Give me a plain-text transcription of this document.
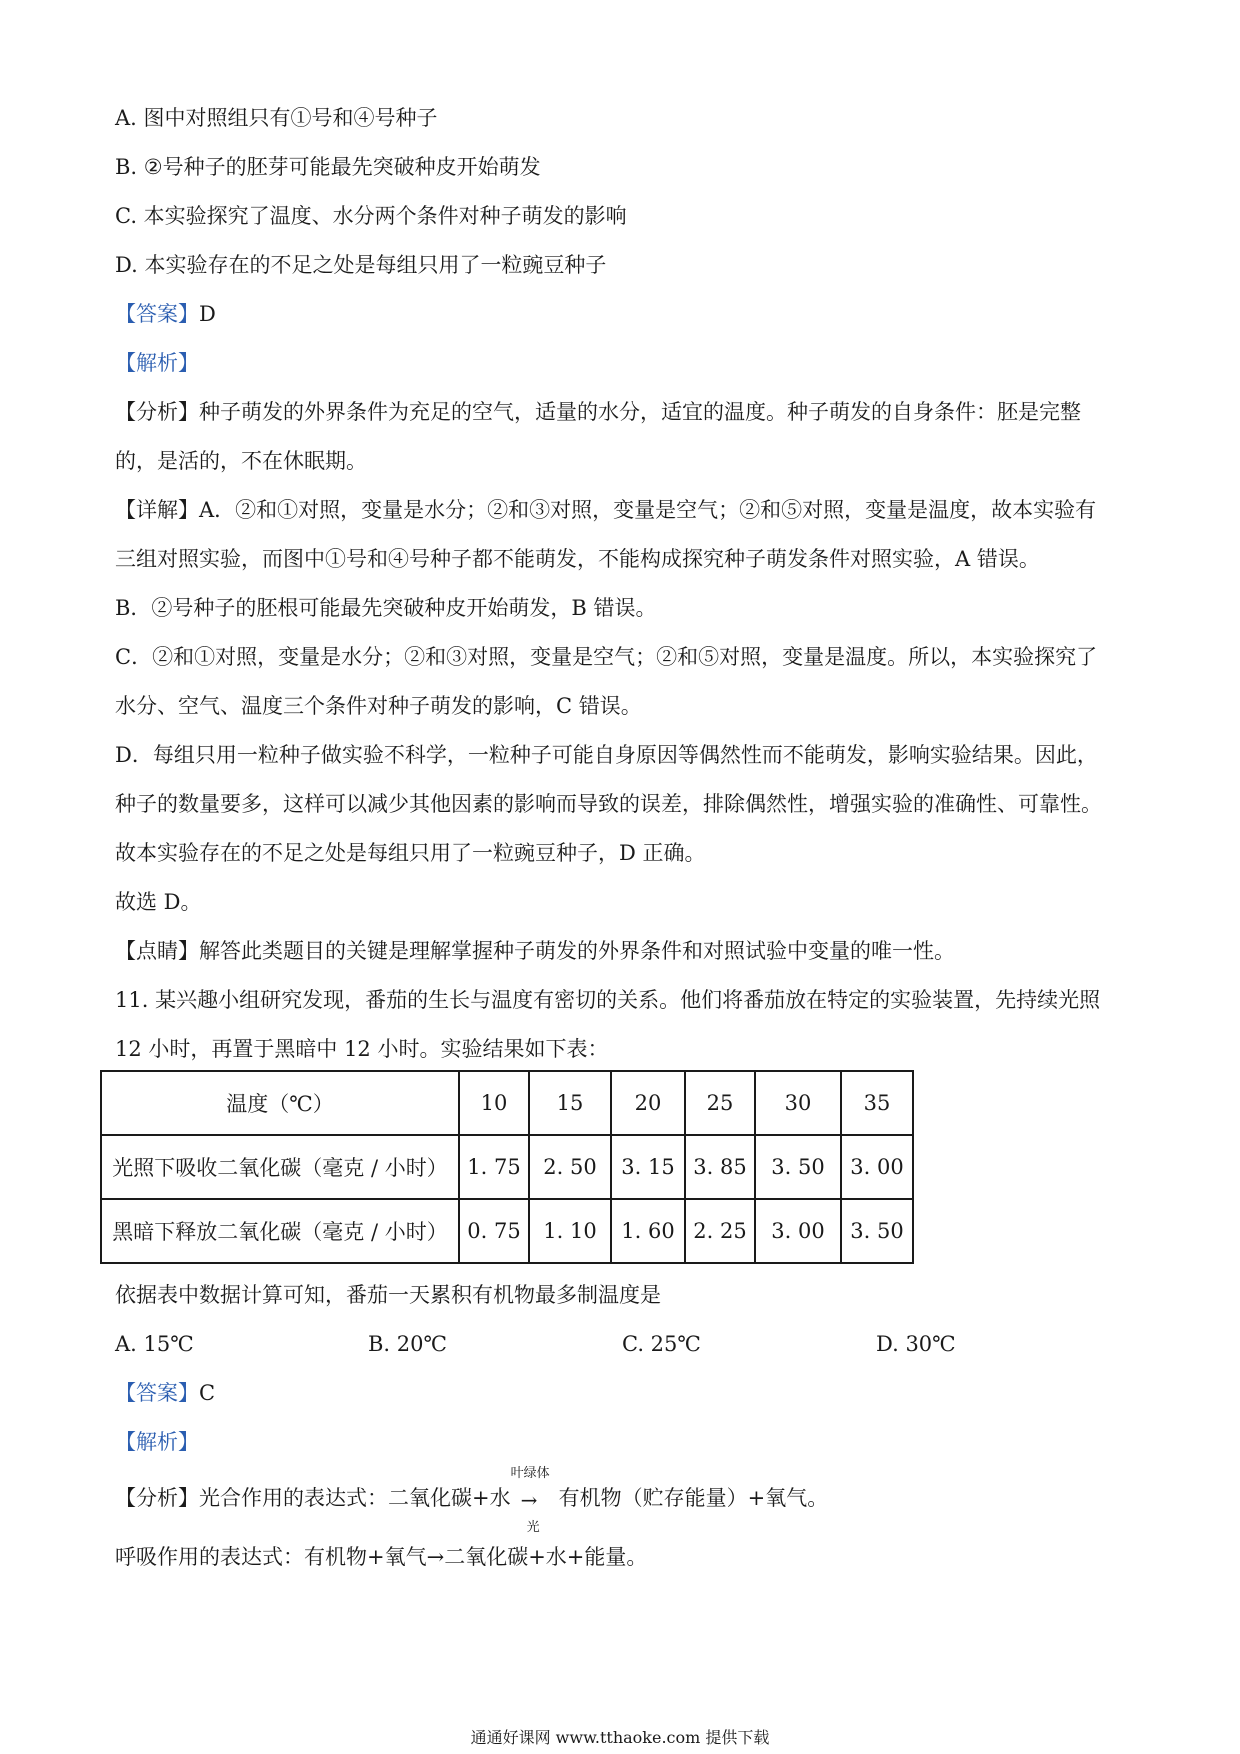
A. 图中对照组只有①号和④号种子
B. ②号种子的胚芽可能最先突破种皮开始萌发
C. 本实验探究了温度、水分两个条件对种子萌发的影响
D. 本实验存在的不足之处是每组只用了一粒豌豆种子
【答案】D
【解析】
【分析】种子萌发的外界条件为充足的空气，适量的水分，适宜的温度。种子萌发的自身条件：胚是完整
的，是活的，不在休眠期。
【详解】A．②和①对照，变量是水分；②和③对照，变量是空气；②和⑤对照，变量是温度，故本实验有
三组对照实验，而图中①号和④号种子都不能萌发，不能构成探究种子萌发条件对照实验，A 错误。
B．②号种子的胚根可能最先突破种皮开始萌发，B 错误。
C．②和①对照，变量是水分；②和③对照，变量是空气；②和⑤对照，变量是温度。所以，本实验探究了
水分、空气、温度三个条件对种子萌发的影响，C 错误。
D．每组只用一粒种子做实验不科学，一粒种子可能自身原因等偶然性而不能萌发，影响实验结果。因此，
种子的数量要多，这样可以减少其他因素的影响而导致的误差，排除偶然性，增强实验的准确性、可靠性。
故本实验存在的不足之处是每组只用了一粒豌豆种子，D 正确。
故选 D。
【点睛】解答此类题目的关键是理解掌握种子萌发的外界条件和对照试验中变量的唯一性。
11. 某兴趣小组研究发现，番茄的生长与温度有密切的关系。他们将番茄放在特定的实验装置，先持续光照
12 小时，再置于黑暗中 12 小时。实验结果如下表：
温度（℃）	10	15	20	25	30	35
光照下吸收二氧化碳（毫克 / 小时）	1. 75	2. 50	3. 15	3. 85	3. 50	3. 00
黑暗下释放二氧化碳（毫克 / 小时）	0. 75	1. 10	1. 60	2. 25	3. 00	3. 50
依据表中数据计算可知，番茄一天累积有机物最多制温度是
A. 15℃	B. 20℃	C. 25℃	D. 30℃
【答案】C
【解析】
【分析】光合作用的表达式：二氧化碳+水
叶绿体
→
光
有机物（贮存能量）+氧气。
呼吸作用的表达式：有机物+氧气→二氧化碳+水+能量。
通通好课网 www.tthaoke.com 提供下载
